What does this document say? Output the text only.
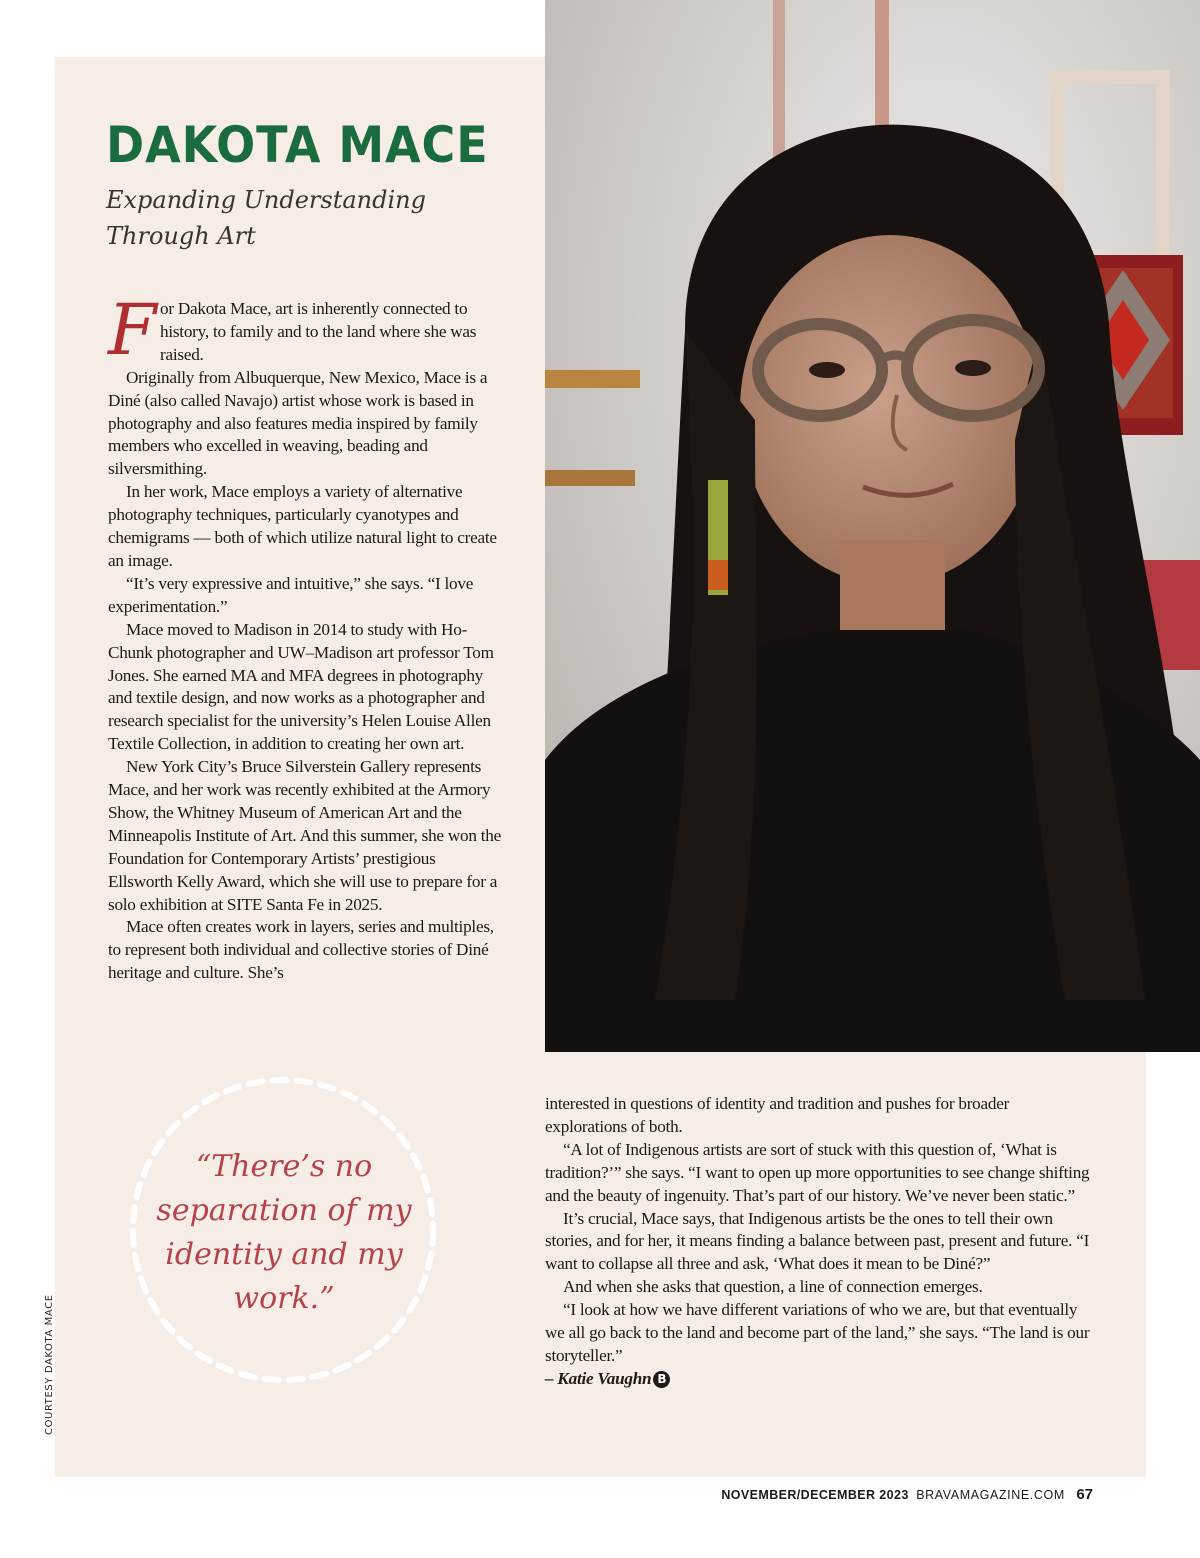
DAKOTA MACE
Expanding Understanding
Through Art

For Dakota Mace, art is inherently connected to history, to family and to the land where she was raised.

Originally from Albuquerque, New Mexico, Mace is a Diné (also called Navajo) artist whose work is based in photography and also features media inspired by family members who excelled in weaving, beading and silversmithing.

In her work, Mace employs a variety of alternative photography techniques, particularly cyanotypes and chemigrams — both of which utilize natural light to create an image.

“It’s very expressive and intuitive,” she says. “I love experimentation.”

Mace moved to Madison in 2014 to study with Ho-Chunk photographer and UW–Madison art professor Tom Jones. She earned MA and MFA degrees in photography and textile design, and now works as a photographer and research specialist for the university’s Helen Louise Allen Textile Collection, in addition to creating her own art.

New York City’s Bruce Silverstein Gallery represents Mace, and her work was recently exhibited at the Armory Show, the Whitney Museum of American Art and the Minneapolis Institute of Art. And this summer, she won the Foundation for Contemporary Artists’ prestigious Ellsworth Kelly Award, which she will use to prepare for a solo exhibition at SITE Santa Fe in 2025.

Mace often creates work in layers, series and multiples, to represent both individual and collective stories of Diné heritage and culture. She’s

“There’s no separation of my identity and my work.”

interested in questions of identity and tradition and pushes for broader explorations of both.

“A lot of Indigenous artists are sort of stuck with this question of, ‘What is tradition?’” she says. “I want to open up more opportunities to see change shifting and the beauty of ingenuity. That’s part of our history. We’ve never been static.”

It’s crucial, Mace says, that Indigenous artists be the ones to tell their own stories, and for her, it means finding a balance between past, present and future. “I want to collapse all three and ask, ‘What does it mean to be Diné?”

And when she asks that question, a line of connection emerges.

“I look at how we have different variations of who we are, but that eventually we all go back to the land and become part of the land,” she says. “The land is our storyteller.”

– Katie Vaughn B

COURTESY DAKOTA MACE

NOVEMBER/DECEMBER 2023 BRAVAMAGAZINE.COM 67
